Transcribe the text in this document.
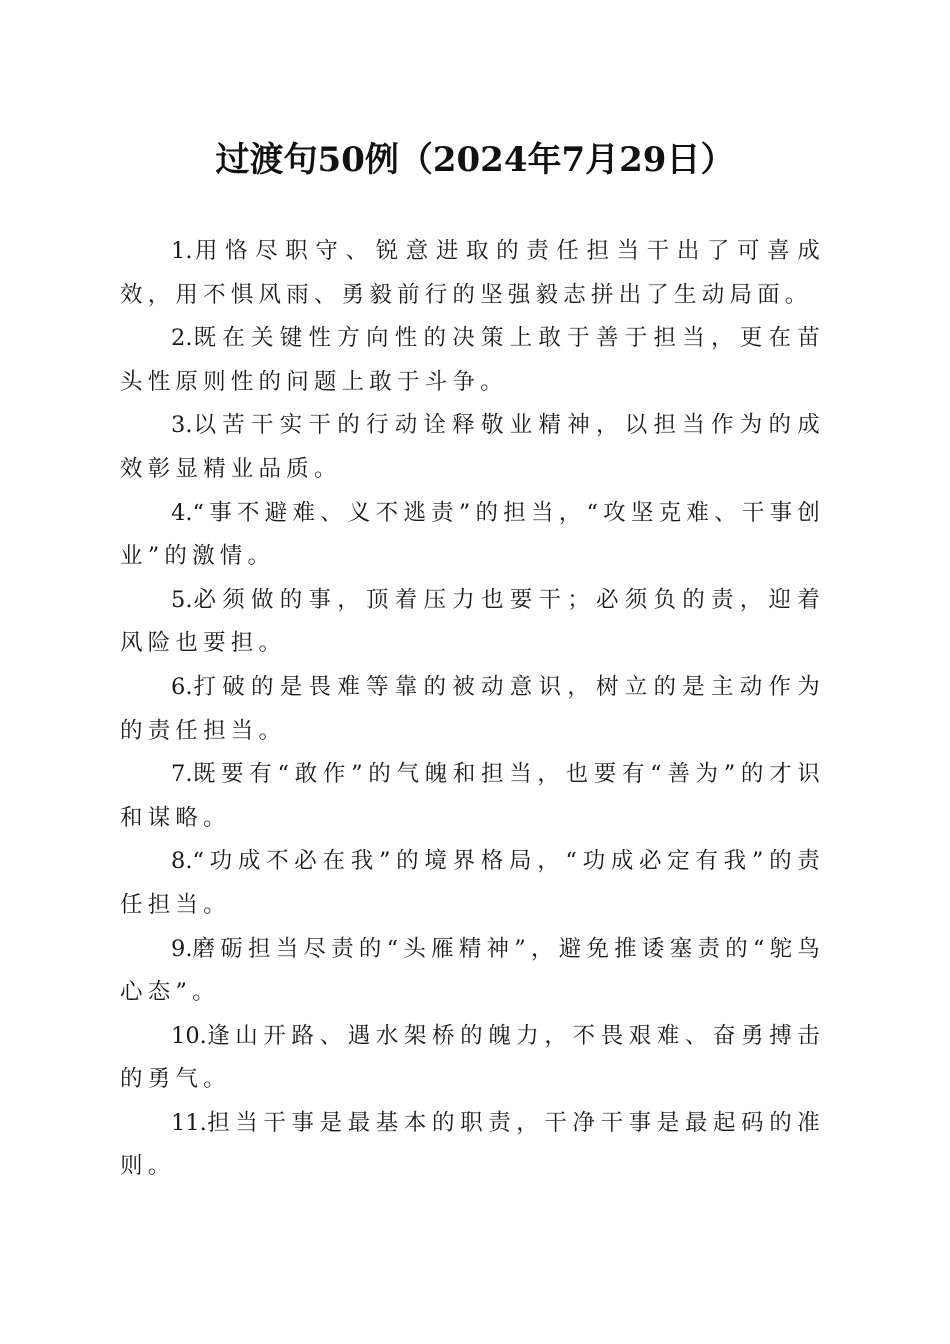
过渡句50例（2024年7月29日）

1.用恪尽职守、锐意进取的责任担当干出了可喜成效，用不惧风雨、勇毅前行的坚强毅志拼出了生动局面。

2.既在关键性方向性的决策上敢于善于担当，更在苗头性原则性的问题上敢于斗争。

3.以苦干实干的行动诠释敬业精神，以担当作为的成效彰显精业品质。

4.“事不避难、义不逃责”的担当，“攻坚克难、干事创业”的激情。

5.必须做的事，顶着压力也要干；必须负的责，迎着风险也要担。

6.打破的是畏难等靠的被动意识，树立的是主动作为的责任担当。

7.既要有“敢作”的气魄和担当，也要有“善为”的才识和谋略。

8.“功成不必在我”的境界格局，“功成必定有我”的责任担当。

9.磨砺担当尽责的“头雁精神”，避免推诿塞责的“鸵鸟心态”。

10.逢山开路、遇水架桥的魄力，不畏艰难、奋勇搏击的勇气。

11.担当干事是最基本的职责，干净干事是最起码的准则。
